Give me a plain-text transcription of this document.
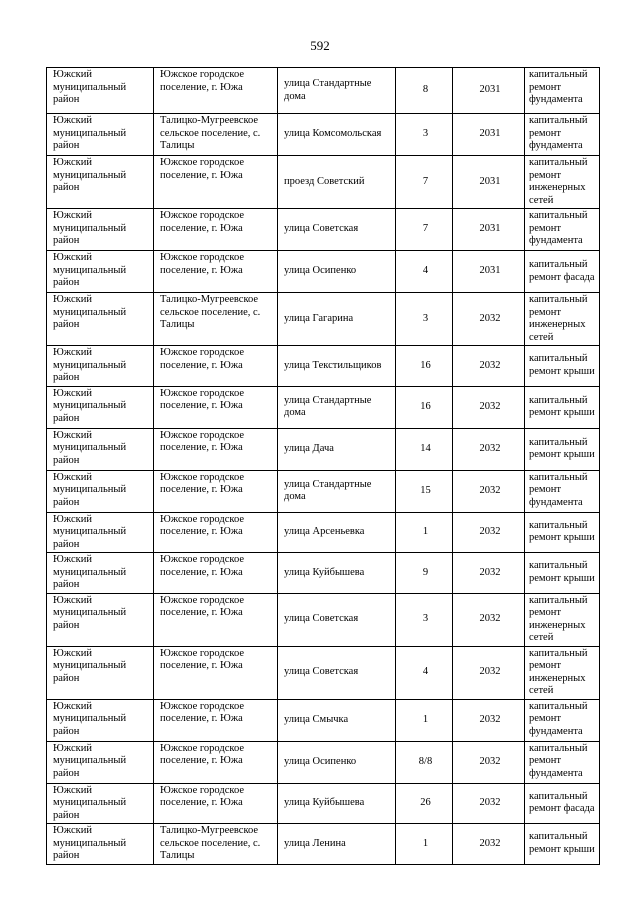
592
Южский муниципальный район	Южское городское поселение, г. Южа	улица Стандартные дома	8	2031	капитальный ремонт фундамента
Южский муниципальный район	Талицко-Мугреевское сельское поселение, с. Талицы	улица Комсомольская	3	2031	капитальный ремонт фундамента
Южский муниципальный район	Южское городское поселение, г. Южа	проезд Советский	7	2031	капитальный ремонт инженерных сетей
Южский муниципальный район	Южское городское поселение, г. Южа	улица Советская	7	2031	капитальный ремонт фундамента
Южский муниципальный район	Южское городское поселение, г. Южа	улица Осипенко	4	2031	капитальный ремонт фасада
Южский муниципальный район	Талицко-Мугреевское сельское поселение, с. Талицы	улица Гагарина	3	2032	капитальный ремонт инженерных сетей
Южский муниципальный район	Южское городское поселение, г. Южа	улица Текстильщиков	16	2032	капитальный ремонт крыши
Южский муниципальный район	Южское городское поселение, г. Южа	улица Стандартные дома	16	2032	капитальный ремонт крыши
Южский муниципальный район	Южское городское поселение, г. Южа	улица Дача	14	2032	капитальный ремонт крыши
Южский муниципальный район	Южское городское поселение, г. Южа	улица Стандартные дома	15	2032	капитальный ремонт фундамента
Южский муниципальный район	Южское городское поселение, г. Южа	улица Арсеньевка	1	2032	капитальный ремонт крыши
Южский муниципальный район	Южское городское поселение, г. Южа	улица Куйбышева	9	2032	капитальный ремонт крыши
Южский муниципальный район	Южское городское поселение, г. Южа	улица Советская	3	2032	капитальный ремонт инженерных сетей
Южский муниципальный район	Южское городское поселение, г. Южа	улица Советская	4	2032	капитальный ремонт инженерных сетей
Южский муниципальный район	Южское городское поселение, г. Южа	улица Смычка	1	2032	капитальный ремонт фундамента
Южский муниципальный район	Южское городское поселение, г. Южа	улица Осипенко	8/8	2032	капитальный ремонт фундамента
Южский муниципальный район	Южское городское поселение, г. Южа	улица Куйбышева	26	2032	капитальный ремонт фасада
Южский муниципальный район	Талицко-Мугреевское сельское поселение, с. Талицы	улица Ленина	1	2032	капитальный ремонт крыши
